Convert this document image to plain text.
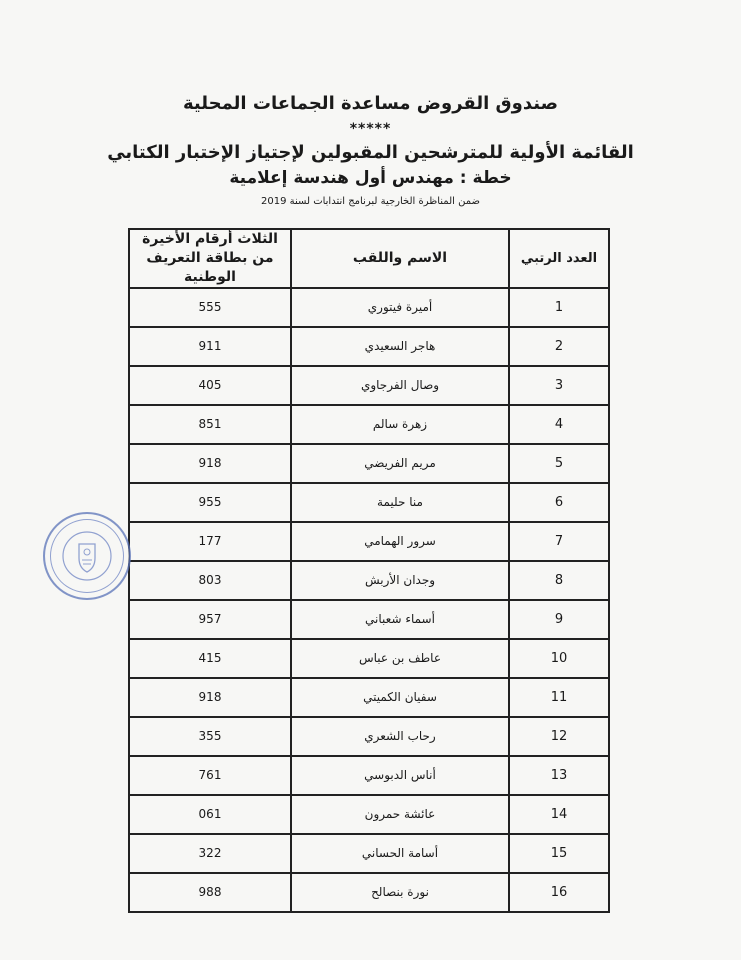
صندوق القروض مساعدة الجماعات المحلية
*****
القائمة الأولية للمترشحين المقبولين لإجتياز الإختبار الكتابي
خطة : مهندس أول هندسة إعلامية
ضمن المناظرة الخارجية لبرنامج انتدابات لسنة 2019
العدد الرتبي	الاسم واللقب	الثلاث أرقام الأخيرة من بطاقة التعريف الوطنية
1	أميرة فيتوري	555
2	هاجر السعيدي	911
3	وصال الفرجاوي	405
4	زهرة سالم	851
5	مريم الفريضي	918
6	منا حليمة	955
7	سرور الهمامي	177
8	وجدان الأربش	803
9	أسماء شعباني	957
10	عاطف بن عباس	415
11	سفيان الكميتي	918
12	رحاب الشعري	355
13	أناس الدبوسي	761
14	عائشة حمرون	061
15	أسامة الحساني	322
16	نورة بنصالح	988
